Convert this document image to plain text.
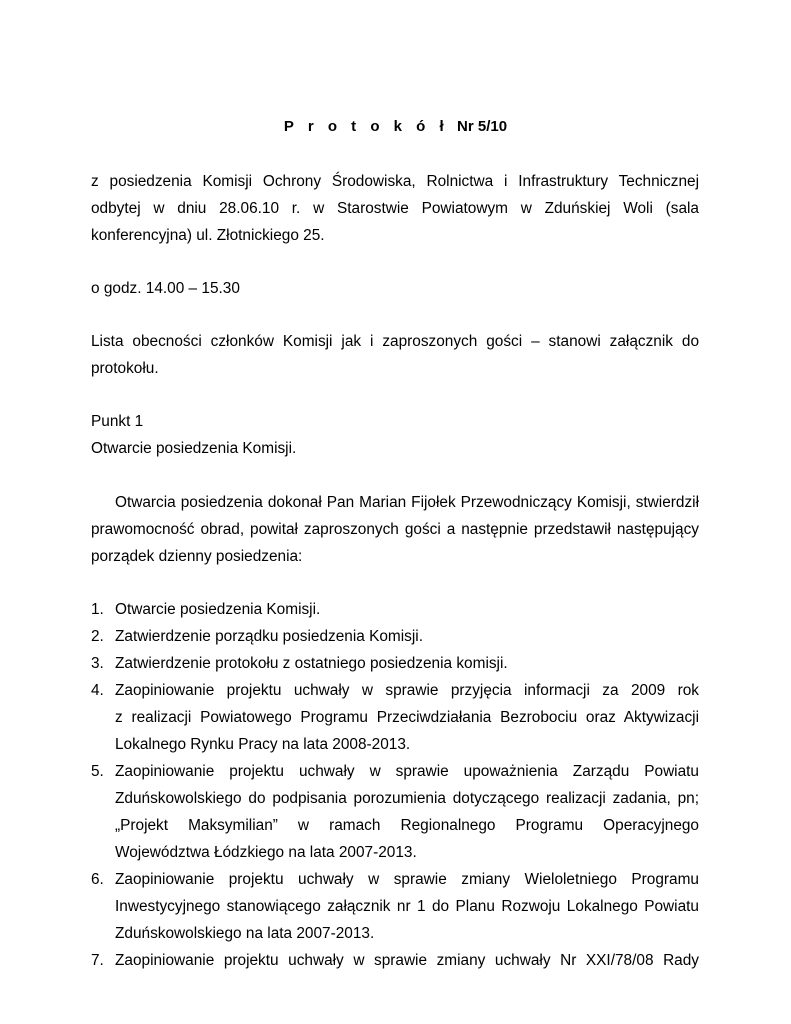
P r o t o k ó ł Nr 5/10
z posiedzenia Komisji Ochrony Środowiska, Rolnictwa i Infrastruktury Technicznej
odbytej w dniu 28.06.10 r. w Starostwie Powiatowym w Zduńskiej Woli (sala
konferencyjna) ul. Złotnickiego 25.
o godz. 14.00 – 15.30
Lista obecności członków Komisji jak i zaproszonych gości – stanowi załącznik do
protokołu.
Punkt 1
Otwarcie posiedzenia Komisji.
Otwarcia posiedzenia dokonał Pan Marian Fijołek Przewodniczący Komisji, stwierdził
prawomocność obrad, powitał zaproszonych gości a następnie przedstawił następujący
porządek dzienny posiedzenia:
1. Otwarcie posiedzenia Komisji.
2. Zatwierdzenie porządku posiedzenia Komisji.
3. Zatwierdzenie protokołu z ostatniego posiedzenia komisji.
4. Zaopiniowanie projektu uchwały w sprawie przyjęcia informacji za 2009 rok
z realizacji Powiatowego Programu Przeciwdziałania Bezrobociu oraz Aktywizacji
Lokalnego Rynku Pracy na lata 2008-2013.
5. Zaopiniowanie projektu uchwały w sprawie upoważnienia Zarządu Powiatu
Zduńskowolskiego do podpisania porozumienia dotyczącego realizacji zadania, pn;
„Projekt Maksymilian” w ramach Regionalnego Programu Operacyjnego
Województwa Łódzkiego na lata 2007-2013.
6. Zaopiniowanie projektu uchwały w sprawie zmiany Wieloletniego Programu
Inwestycyjnego stanowiącego załącznik nr 1 do Planu Rozwoju Lokalnego Powiatu
Zduńskowolskiego na lata 2007-2013.
7. Zaopiniowanie projektu uchwały w sprawie zmiany uchwały Nr XXI/78/08 Rady
